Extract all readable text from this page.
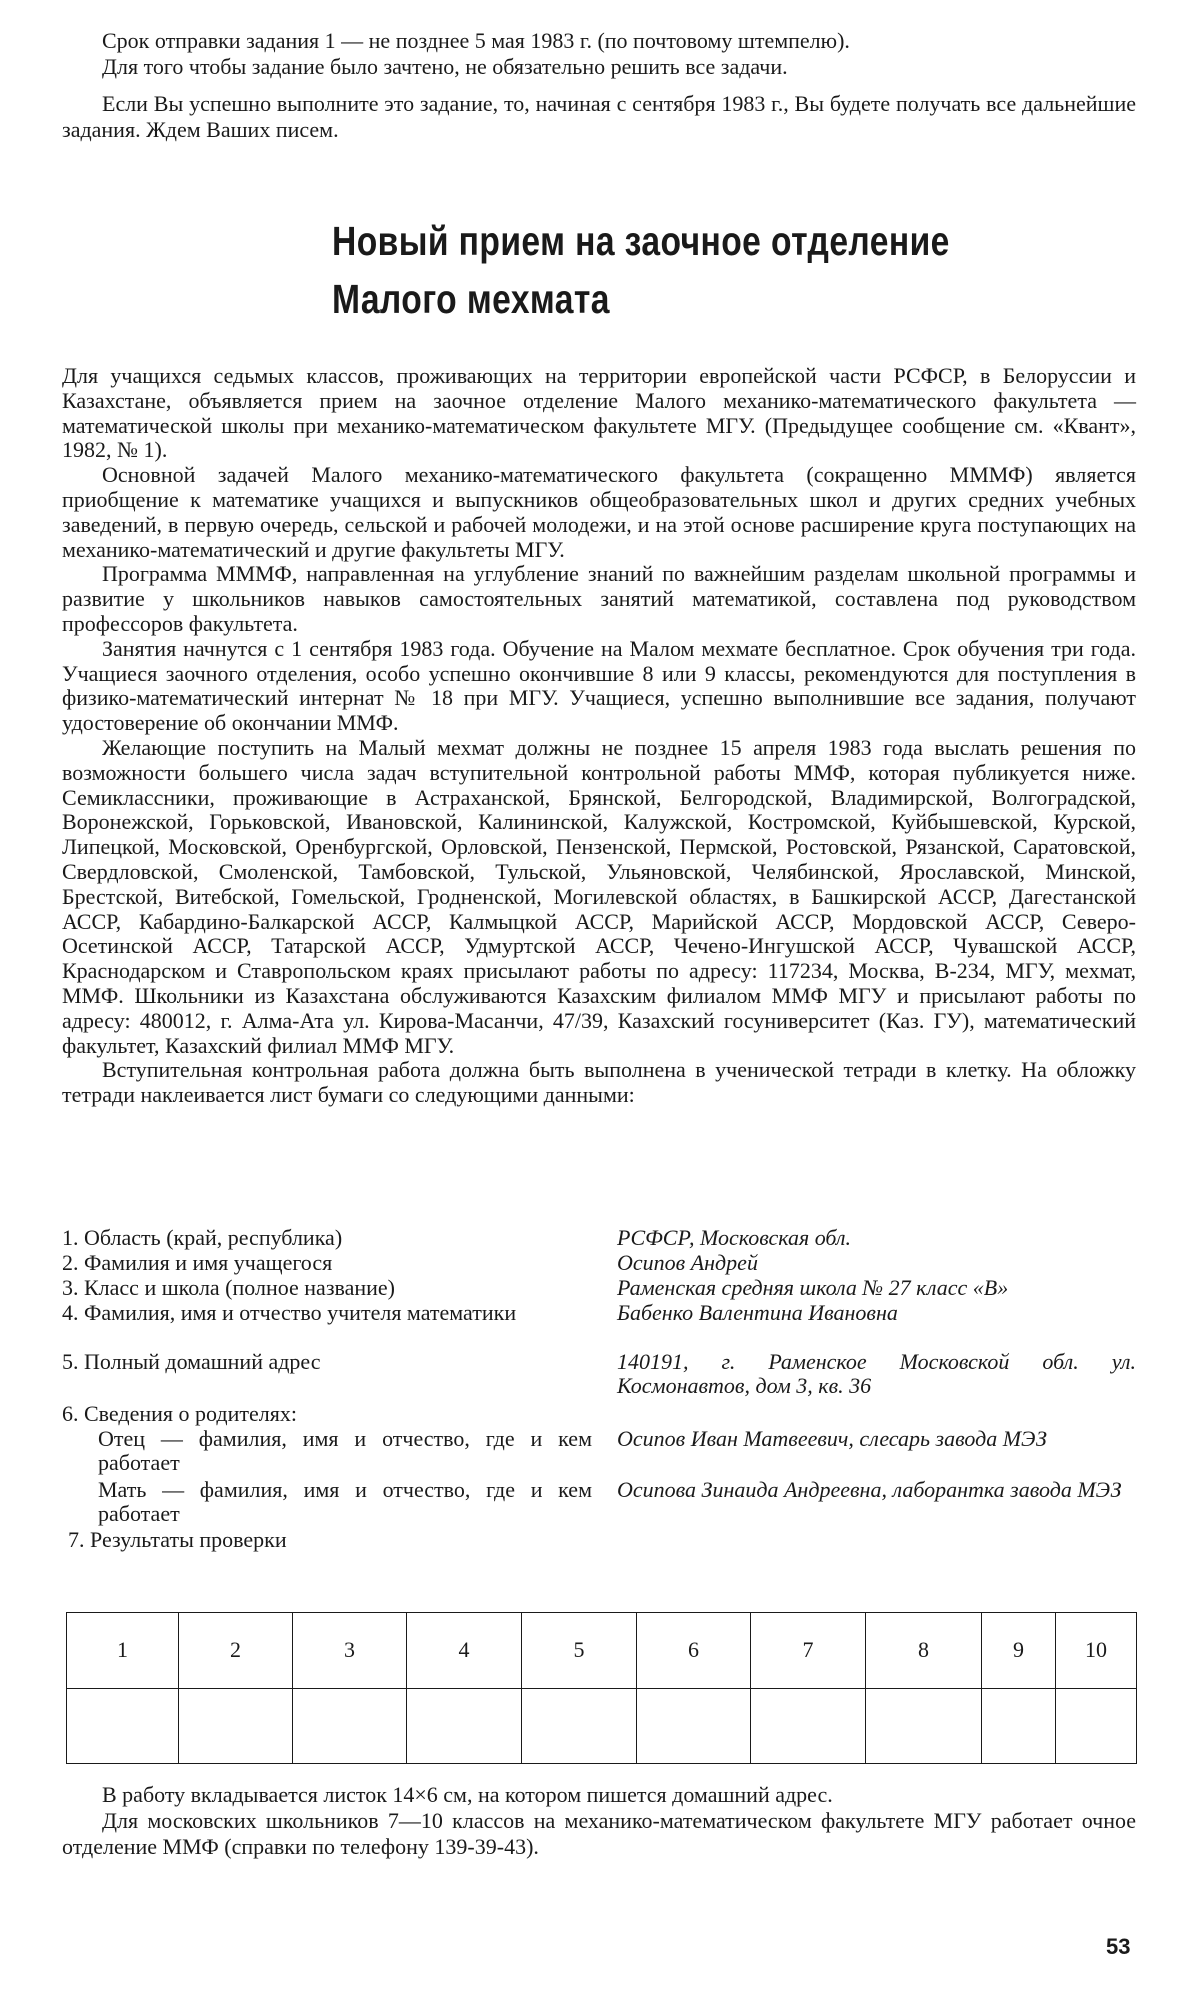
Срок отправки задания 1 — не позднее 5 мая 1983 г. (по почтовому штемпелю).

Для того чтобы задание было зачтено, не обязательно решить все задачи.

Если Вы успешно выполните это задание, то, начиная с сентября 1983 г., Вы будете получать все дальнейшие задания. Ждем Ваших писем.

Новый прием на заочное отделение
Малого мехмата

Для учащихся седьмых классов, проживающих на территории европейской части РСФСР, в Белоруссии и Казахстане, объявляется прием на заочное отделение Малого механико-математического факультета — математической школы при механико-математическом факультете МГУ. (Предыдущее сообщение см. «Квант», 1982, № 1).

Основной задачей Малого механико-математического факультета (сокращенно МММФ) является приобщение к математике учащихся и выпускников общеобразовательных школ и других средних учебных заведений, в первую очередь, сельской и рабочей молодежи, и на этой основе расширение круга поступающих на механико-математический и другие факультеты МГУ.

Программа МММФ, направленная на углубление знаний по важнейшим разделам школьной программы и развитие у школьников навыков самостоятельных занятий математикой, составлена под руководством профессоров факультета.

Занятия начнутся с 1 сентября 1983 года. Обучение на Малом мехмате бесплатное. Срок обучения три года. Учащиеся заочного отделения, особо успешно окончившие 8 или 9 классы, рекомендуются для поступления в физико-математический интернат № 18 при МГУ. Учащиеся, успешно выполнившие все задания, получают удостоверение об окончании ММФ.

Желающие поступить на Малый мехмат должны не позднее 15 апреля 1983 года выслать решения по возможности большего числа задач вступительной контрольной работы ММФ, которая публикуется ниже. Семиклассники, проживающие в Астраханской, Брянской, Белгородской, Владимирской, Волгоградской, Воронежской, Горьковской, Ивановской, Калининской, Калужской, Костромской, Куйбышевской, Курской, Липецкой, Московской, Оренбургской, Орловской, Пензенской, Пермской, Ростовской, Рязанской, Саратовской, Свердловской, Смоленской, Тамбовской, Тульской, Ульяновской, Челябинской, Ярославской, Минской, Брестской, Витебской, Гомельской, Гродненской, Могилевской областях, в Башкирской АССР, Дагестанской АССР, Кабардино-Балкарской АССР, Калмыцкой АССР, Марийской АССР, Мордовской АССР, Северо-Осетинской АССР, Татарской АССР, Удмуртской АССР, Чечено-Ингушской АССР, Чувашской АССР, Краснодарском и Ставропольском краях присылают работы по адресу: 117234, Москва, В-234, МГУ, мехмат, ММФ. Школьники из Казахстана обслуживаются Казахским филиалом ММФ МГУ и присылают работы по адресу: 480012, г. Алма-Ата ул. Кирова-Масанчи, 47/39, Казахский госуниверситет (Каз. ГУ), математический факультет, Казахский филиал ММФ МГУ.

Вступительная контрольная работа должна быть выполнена в ученической тетради в клетку. На обложку тетради наклеивается лист бумаги со следующими данными:

1. Область (край, республика)	РСФСР, Московская обл.
2. Фамилия и имя учащегося	Осипов Андрей
3. Класс и школа (полное название)	Раменская средняя школа № 27 класс «В»
4. Фамилия, имя и отчество учителя математики	Бабенко Валентина Ивановна
5. Полный домашний адрес	140191, г. Раменское Московской обл. ул. Космонавтов, дом 3, кв. 36
6. Сведения о родителях:
Отец — фамилия, имя и отчество, где и кем работает
Осипов Иван Матвеевич, слесарь завода МЭЗ
Мать — фамилия, имя и отчество, где и кем работает
Осипова Зинаида Андреевна, лаборантка завода МЭЗ
7. Результаты проверки
1	2	3	4	5	6	7	8	9	10

В работу вкладывается листок 14×6 см, на котором пишется домашний адрес.

Для московских школьников 7—10 классов на механико-математическом факультете МГУ работает очное отделение ММФ (справки по телефону 139-39-43).

53
